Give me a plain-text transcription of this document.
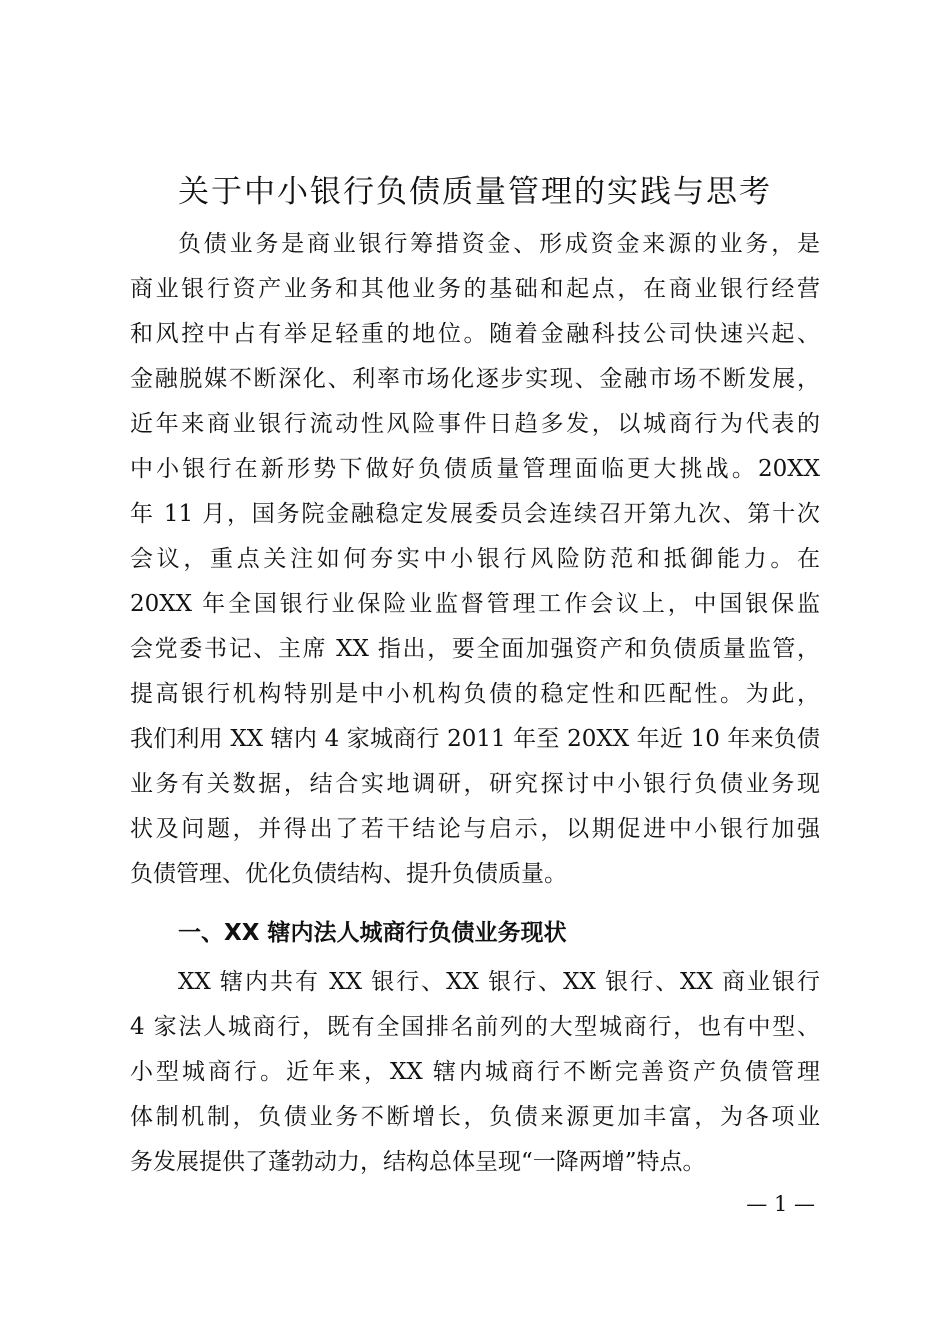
关于中小银行负债质量管理的实践与思考
负债业务是商业银行筹措资金、形成资金来源的业务，是
商业银行资产业务和其他业务的基础和起点，在商业银行经营
和风控中占有举足轻重的地位。随着金融科技公司快速兴起、
金融脱媒不断深化、利率市场化逐步实现、金融市场不断发展，
近年来商业银行流动性风险事件日趋多发，以城商行为代表的
中小银行在新形势下做好负债质量管理面临更大挑战。20XX
年 11 月，国务院金融稳定发展委员会连续召开第九次、第十次
会议，重点关注如何夯实中小银行风险防范和抵御能力。在
20XX 年全国银行业保险业监督管理工作会议上，中国银保监
会党委书记、主席 XX 指出，要全面加强资产和负债质量监管，
提高银行机构特别是中小机构负债的稳定性和匹配性。为此，
我们利用 XX 辖内 4 家城商行 2011 年至 20XX 年近 10 年来负债
业务有关数据，结合实地调研，研究探讨中小银行负债业务现
状及问题，并得出了若干结论与启示，以期促进中小银行加强
负债管理、优化负债结构、提升负债质量。
一、XX 辖内法人城商行负债业务现状
XX 辖内共有 XX 银行、XX 银行、XX 银行、XX 商业银行
4 家法人城商行，既有全国排名前列的大型城商行，也有中型、
小型城商行。近年来，XX 辖内城商行不断完善资产负债管理
体制机制，负债业务不断增长，负债来源更加丰富，为各项业
务发展提供了蓬勃动力，结构总体呈现“一降两增”特点。
— 1 —
